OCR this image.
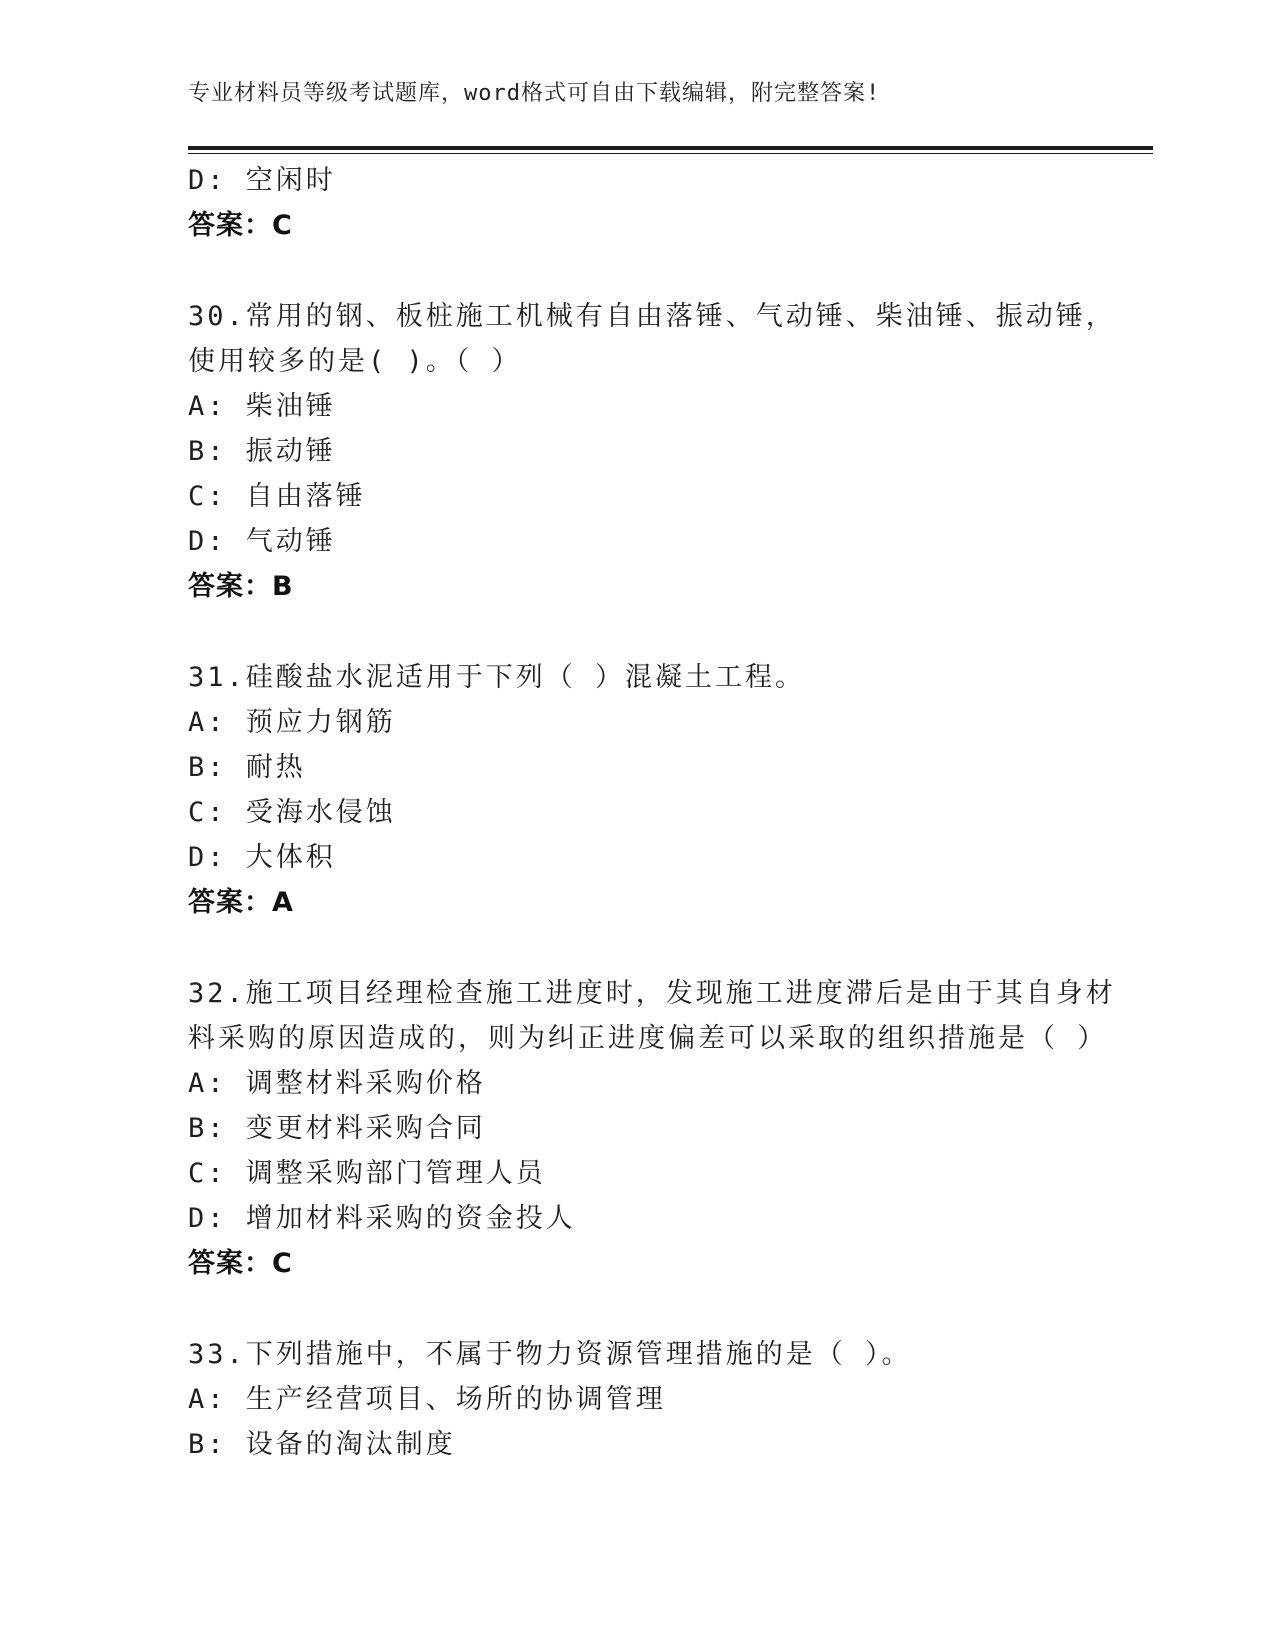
专业材料员等级考试题库，word格式可自由下载编辑，附完整答案!
D: 空闲时
答案：C
30.常用的钢、板桩施工机械有自由落锤、气动锤、柴油锤、振动锤，
使用较多的是( )。（ ）
A: 柴油锤
B: 振动锤
C: 自由落锤
D: 气动锤
答案：B
31.硅酸盐水泥适用于下列（ ）混凝土工程。
A: 预应力钢筋
B: 耐热
C: 受海水侵蚀
D: 大体积
答案：A
32.施工项目经理检查施工进度时，发现施工进度滞后是由于其自身材
料采购的原因造成的，则为纠正进度偏差可以采取的组织措施是（ ）
A: 调整材料采购价格
B: 变更材料采购合同
C: 调整采购部门管理人员
D: 增加材料采购的资金投人
答案：C
33.下列措施中，不属于物力资源管理措施的是（ ）。
A: 生产经营项目、场所的协调管理
B: 设备的淘汰制度
